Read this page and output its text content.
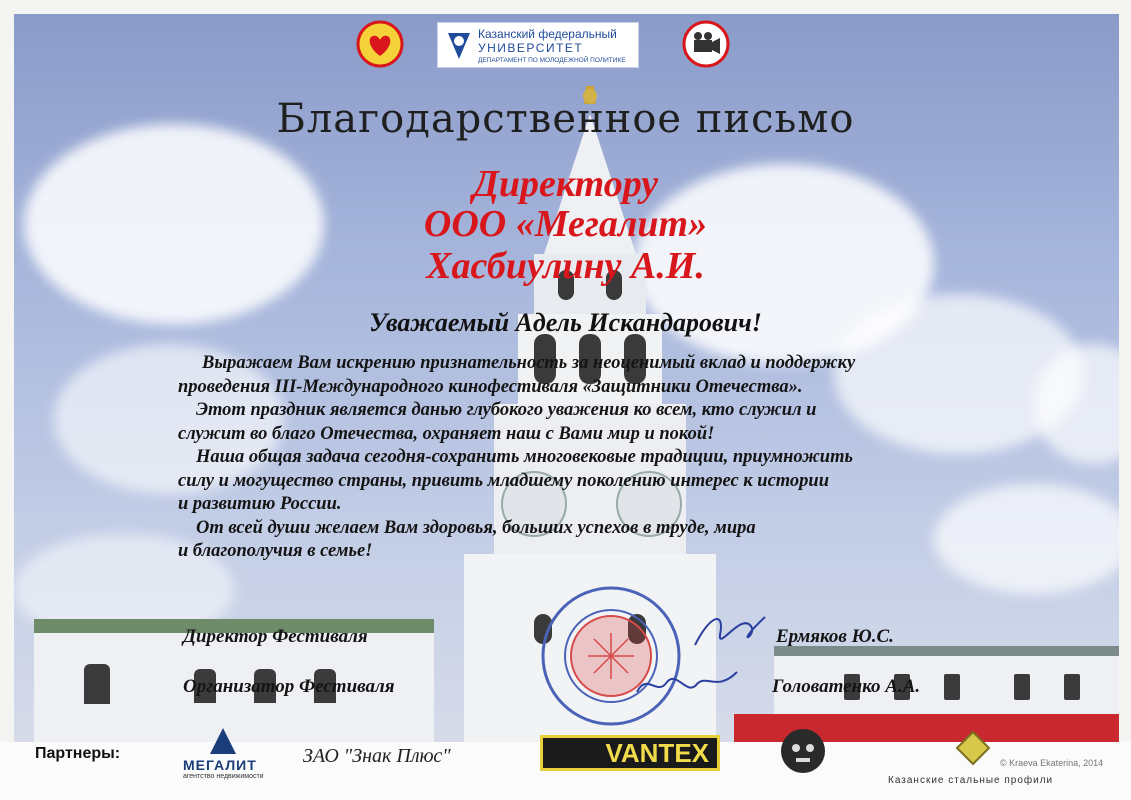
Казанский федеральный
УНИВЕРСИТЕТ
ДЕПАРТАМЕНТ ПО МОЛОДЕЖНОЙ ПОЛИТИКЕ
Благодарственное письмо
Директору
ООО «Мегалит»
Хасбиулину А.И.
Уважаемый Адель Искандарович!

Выражаем Вам искрению признательность за неоценимый вклад и поддержку

проведения III-Международного кинофестиваля «Защитники Отечества».

Этот праздник является данью глубокого уважения ко всем, кто служил и

служит во благо Отечества, охраняет наш с Вами мир и покой!

Наша общая задача сегодня-сохранить многовековые традиции, приумножить

силу и могущество страны, привить младшему поколению интерес к истории

и развитию России.

От всей души желаем Вам здоровья, больших успехов в труде, мира

и благополучия в семье!

Директор Фестиваля	Ермяков Ю.С.
Организатор Фестиваля	Головатенко А.А.
Партнеры:
МЕГАЛИТ
агентство недвижимости
ЗАО "Знак Плюс"	VANTEX
Казанские стальные профили
© Kraeva Ekaterina, 2014
